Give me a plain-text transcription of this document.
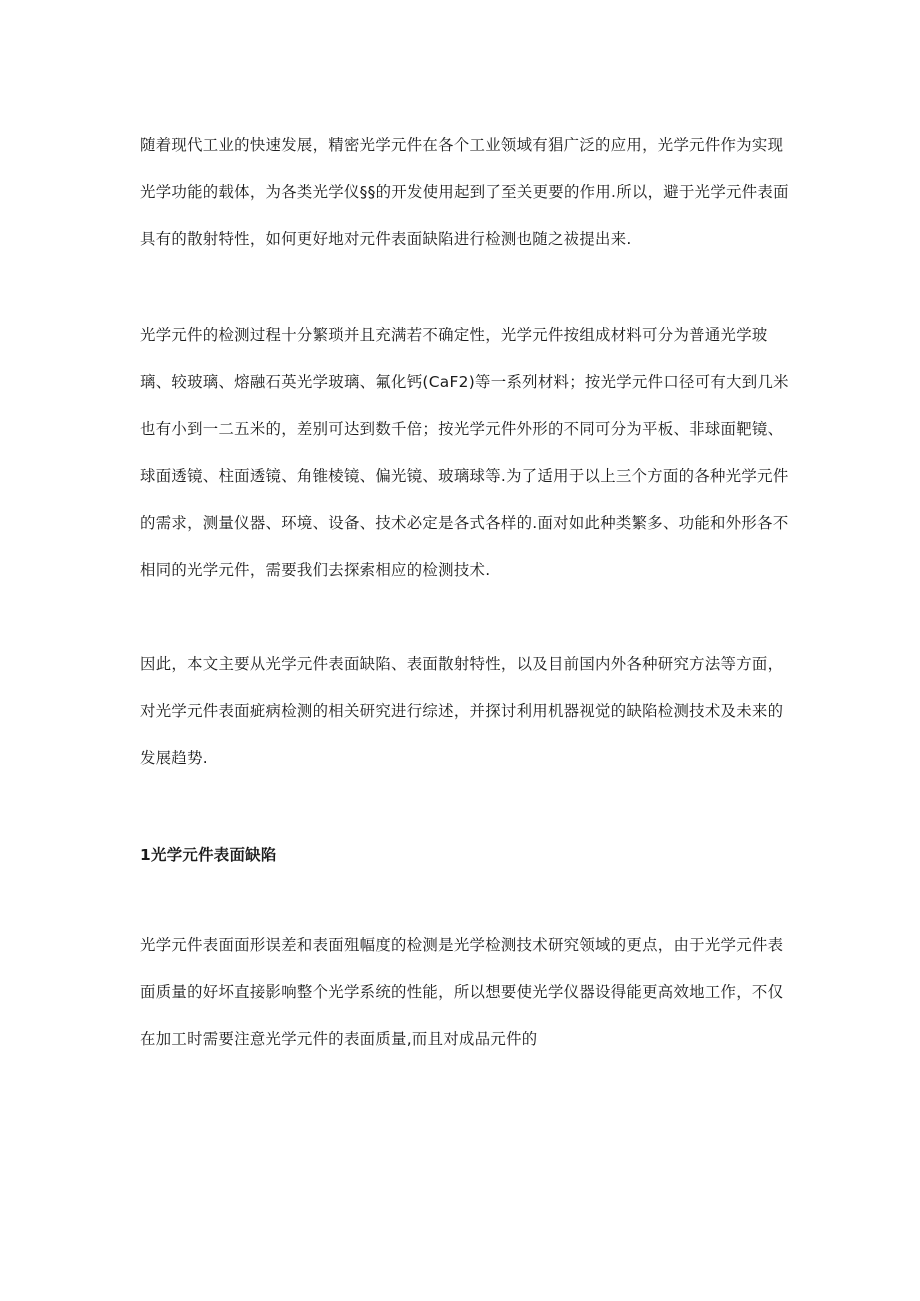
随着现代工业的快速发展，精密光学元件在各个工业领域有猖广泛的应用，光学元件作为实现
光学功能的载体，为各类光学仪§§的开发使用起到了至关更要的作用.所以，避于光学元件表面
具有的散射特性，如何更好地对元件表面缺陷进行检测也随之祓提出来.

光学元件的检测过程十分繁琐并且充满若不确定性，光学元件按组成材料可分为普通光学玻
璃、较玻璃、熔融石英光学玻璃、氟化钙(CaF2)等一系列材料；按光学元件口径可有大到几米
也有小到一二五米的，差别可达到数千倍；按光学元件外形的不同可分为平板、非球面靶镜、
球面透镜、柱面透镜、角锥棱镜、偏光镜、玻璃球等.为了适用于以上三个方面的各种光学元件
的需求，测量仪器、环境、设备、技术必定是各式各样的.面对如此种类繁多、功能和外形各不
相同的光学元件，需要我们去探索相应的检测技术.

因此，本文主要从光学元件表面缺陷、表面散射特性，以及目前国内外各种研究方法等方面，
对光学元件表面疵病检测的相关研究进行综述，并探讨利用机器视觉的缺陷检测技术及未来的
发展趋势.

1光学元件表面缺陷

光学元件表面面形误差和表面殂幅度的检测是光学检测技术研究领域的更点，由于光学元件表
面质量的好坏直接影响整个光学系统的性能，所以想要使光学仪器设得能更高效地工作，不仅
在加工时需要注意光学元件的表面质量,而且对成品元件的
